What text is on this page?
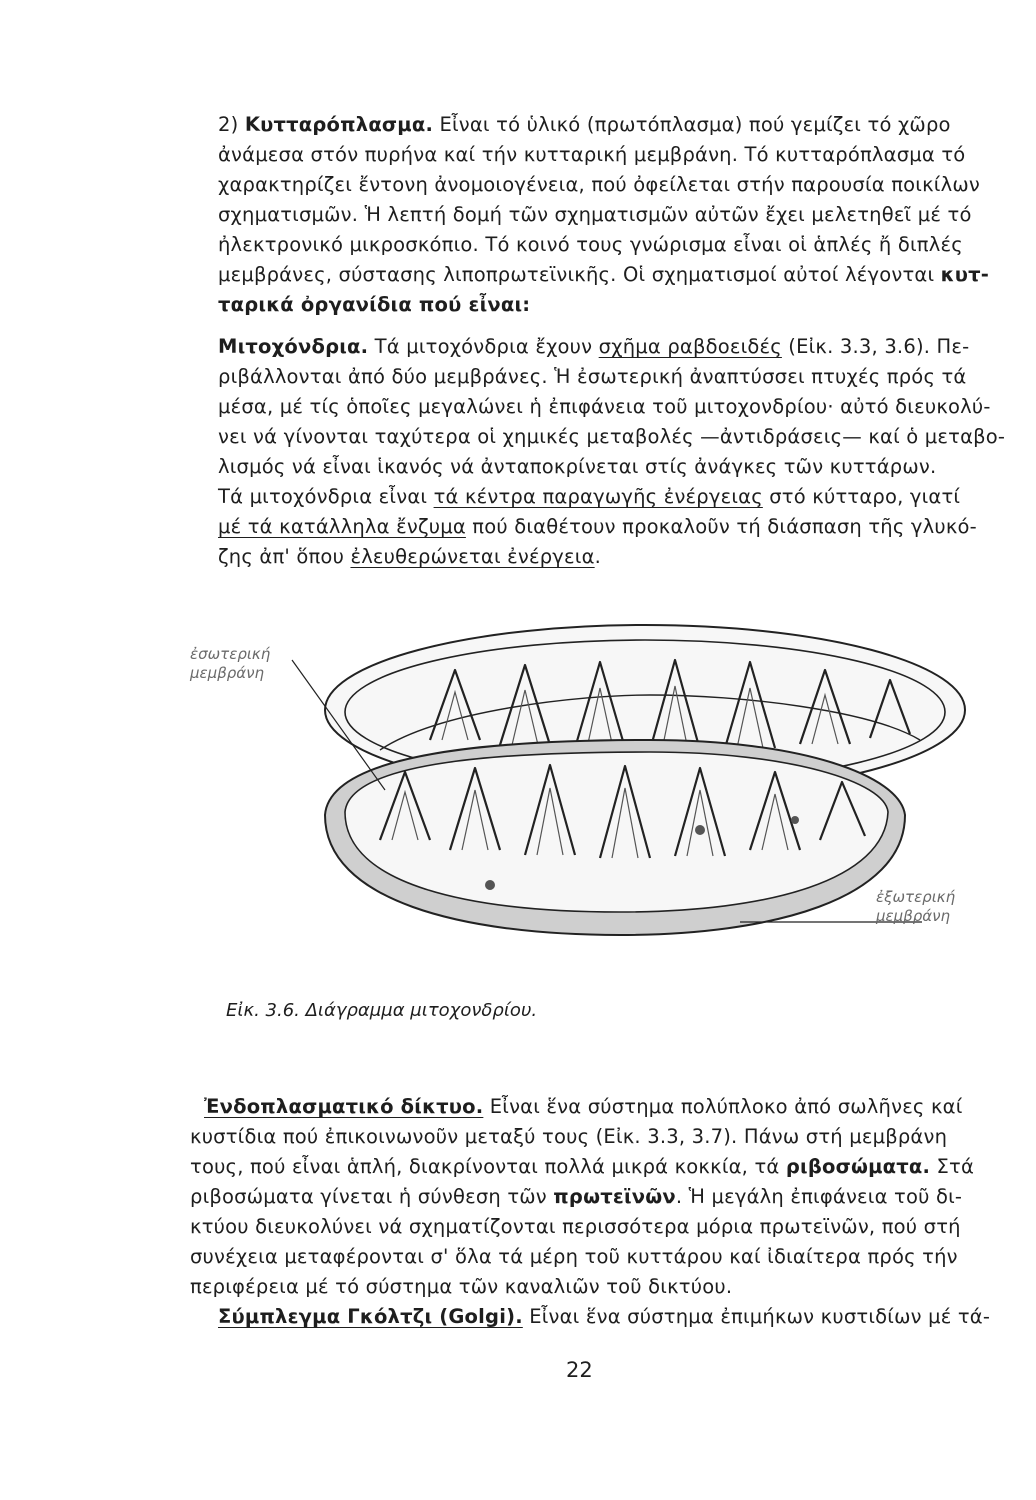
2) Κυτταρόπλασμα. Εἶναι τό ὑλικό (πρωτόπλασμα) πού γεμίζει τό χῶρο
ἀνάμεσα στόν πυρήνα καί τήν κυτταρική μεμβράνη. Τό κυτταρόπλασμα τό
χαρακτηρίζει ἔντονη ἀνομοιογένεια, πού ὀφείλεται στήν παρουσία ποικίλων
σχηματισμῶν. Ἡ λεπτή δομή τῶν σχηματισμῶν αὐτῶν ἔχει μελετηθεῖ μέ τό
ἠλεκτρονικό μικροσκόπιο. Τό κοινό τους γνώρισμα εἶναι οἱ ἁπλές ἤ διπλές
μεμβράνες, σύστασης λιποπρωτεϊνικῆς. Οἱ σχηματισμοί αὐτοί λέγονται κυτ-
ταρικά ὀργανίδια πού εἶναι:

Μιτοχόνδρια. Τά μιτοχόνδρια ἔχουν σχῆμα ραβδοειδές (Εἰκ. 3.3, 3.6). Πε-
ριβάλλονται ἀπό δύο μεμβράνες. Ἡ ἐσωτερική ἀναπτύσσει πτυχές πρός τά
μέσα, μέ τίς ὁποῖες μεγαλώνει ἡ ἐπιφάνεια τοῦ μιτοχονδρίου· αὐτό διευκολύ-
νει νά γίνονται ταχύτερα οἱ χημικές μεταβολές —ἀντιδράσεις— καί ὁ μεταβο-
λισμός νά εἶναι ἱκανός νά ἀνταποκρίνεται στίς ἀνάγκες τῶν κυττάρων.
Τά μιτοχόνδρια εἶναι τά κέντρα παραγωγῆς ἐνέργειας στό κύτταρο, γιατί
μέ τά κατάλληλα ἔνζυμα πού διαθέτουν προκαλοῦν τή διάσπαση τῆς γλυκό-
ζης ἀπ' ὅπου ἐλευθερώνεται ἐνέργεια.

ἐσωτερική
μεμβράνη
ἐξωτερική
μεμβράνη
Εἰκ. 3.6. Διάγραμμα μιτοχονδρίου.

Ἐνδοπλασματικό δίκτυο. Εἶναι ἕνα σύστημα πολύπλοκο ἀπό σωλῆνες καί
κυστίδια πού ἐπικοινωνοῦν μεταξύ τους (Εἰκ. 3.3, 3.7). Πάνω στή μεμβράνη
τους, πού εἶναι ἁπλή, διακρίνονται πολλά μικρά κοκκία, τά ριβοσώματα. Στά
ριβοσώματα γίνεται ἡ σύνθεση τῶν πρωτεϊνῶν. Ἡ μεγάλη ἐπιφάνεια τοῦ δι-
κτύου διευκολύνει νά σχηματίζονται περισσότερα μόρια πρωτεϊνῶν, πού στή
συνέχεια μεταφέρονται σ' ὅλα τά μέρη τοῦ κυττάρου καί ἰδιαίτερα πρός τήν
περιφέρεια μέ τό σύστημα τῶν καναλιῶν τοῦ δικτύου.

Σύμπλεγμα Γκόλτζι (Golgi). Εἶναι ἕνα σύστημα ἐπιμήκων κυστιδίων μέ τά-

22
